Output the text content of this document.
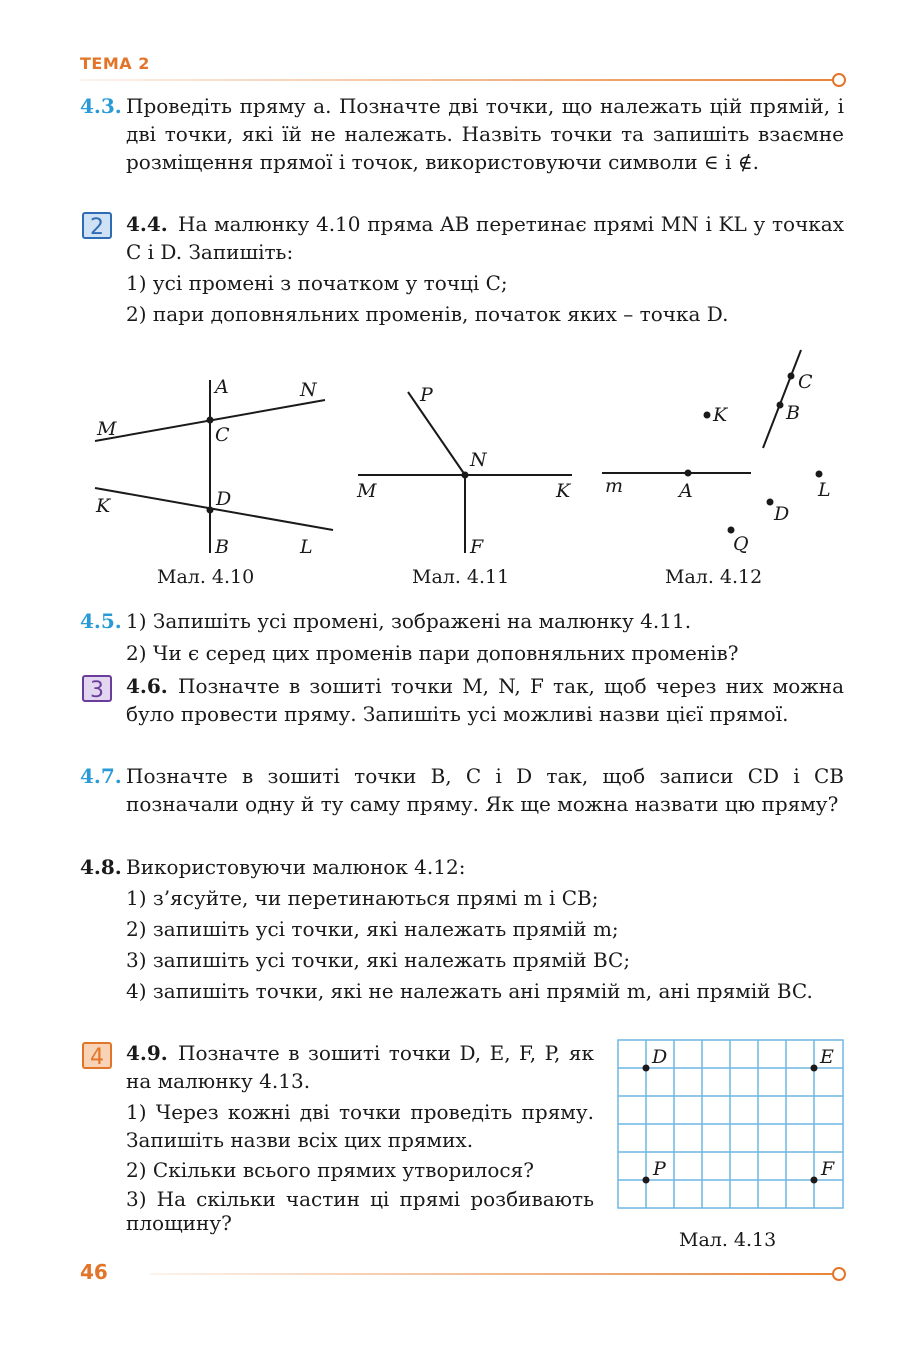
ТЕМА 2
4.3. Проведіть пряму a. Позначте дві точки, що належать цій прямій, і дві точки, які їй не належать. Назвіть точки та запишіть взаємне розміщення прямої і точок, використовуючи символи ∈ і ∉.

2	4.4. На малюнку 4.10 пряма AB перетинає прямі MN і KL у точках C і D. Запишіть:

1) усі промені з початком у точці C;

2) пари доповняльних променів, початок яких – точка D.

A	N
M	C
K	D
B	L
P
N
M	K
F
C
K	B
m	A	L
D
Q
D	E
P	F
Мал. 4.10	Мал. 4.11	Мал. 4.12
4.5. 1) Запишіть усі промені, зображені на малюнку 4.11.

2) Чи є серед цих променів пари доповняльних променів?

3	4.6. Позначте в зошиті точки M, N, F так, щоб через них можна було провести пряму. Запишіть усі можливі назви цієї прямої.

4.7. Позначте в зошиті точки B, C і D так, щоб записи CD і CB позначали одну й ту саму пряму. Як ще можна назвати цю пряму?

4.8. Використовуючи малюнок 4.12:

1) з’ясуйте, чи перетинаються прямі m і CB;

2) запишіть усі точки, які належать прямій m;

3) запишіть усі точки, які належать прямій BC;

4) запишіть точки, які не належать ані прямій m, ані прямій BC.

4	4.9. Позначте в зошиті точки D, E, F, P, як на малюнку 4.13.

1) Через кожні дві точки проведіть пряму. Запишіть назви всіх цих прямих.

2) Скільки всього прямих утворилося?

3) На скільки частин ці прямі розбивають площину?

Мал. 4.13
46
